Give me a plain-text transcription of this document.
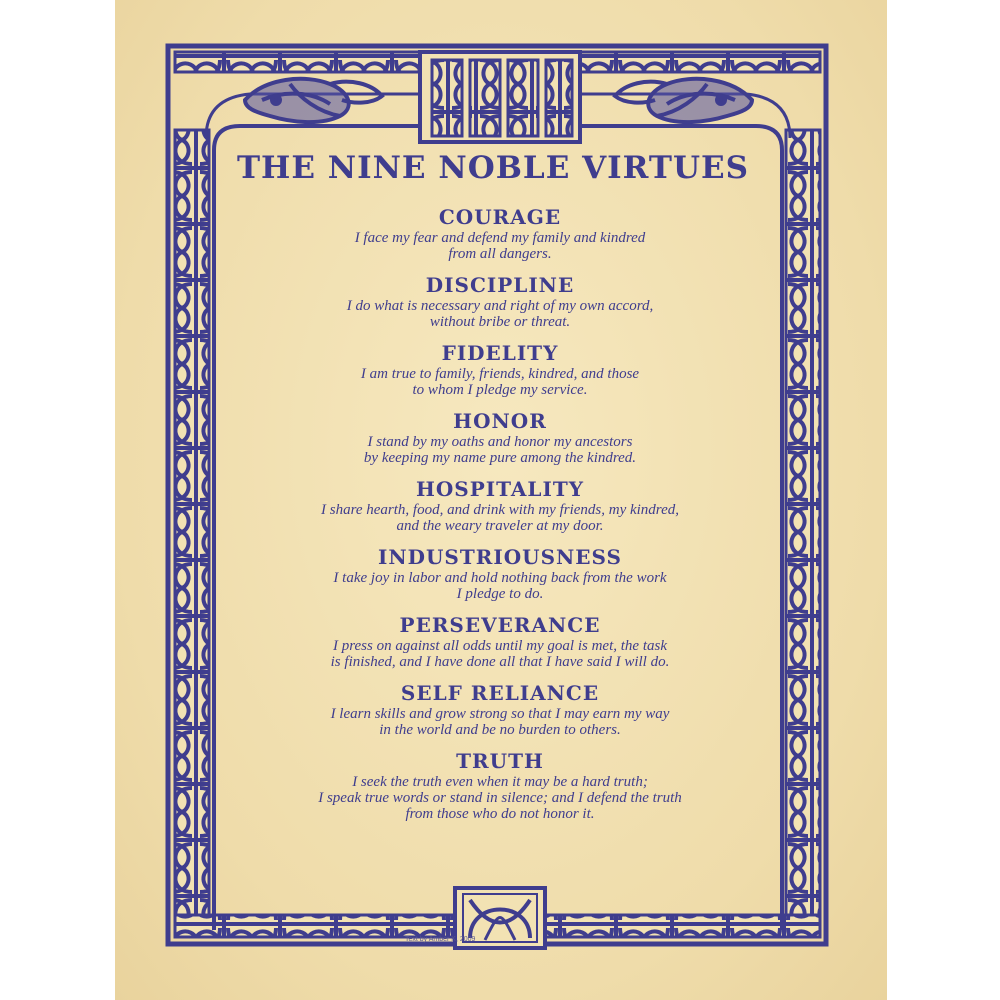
THE NINE NOBLE VIRTUES
COURAGE
I face my fear and defend my family and kindred
from all dangers.
DISCIPLINE
I do what is necessary and right of my own accord,
without bribe or threat.
FIDELITY
I am true to family, friends, kindred, and those
to whom I pledge my service.
HONOR
I stand by my oaths and honor my ancestors
by keeping my name pure among the kindred.
HOSPITALITY
I share hearth, food, and drink with my friends, my kindred,
and the weary traveler at my door.
INDUSTRIOUSNESS
I take joy in labor and hold nothing back from the work
I pledge to do.
PERSEVERANCE
I press on against all odds until my goal is met, the task
is finished, and I have done all that I have said I will do.
SELF RELIANCE
I learn skills and grow strong so that I may earn my way
in the world and be no burden to others.
TRUTH
I seek the truth even when it may be a hard truth;
I speak true words or stand in silence; and I defend the truth
from those who do not honor it.
Text by Amber K, 2009
